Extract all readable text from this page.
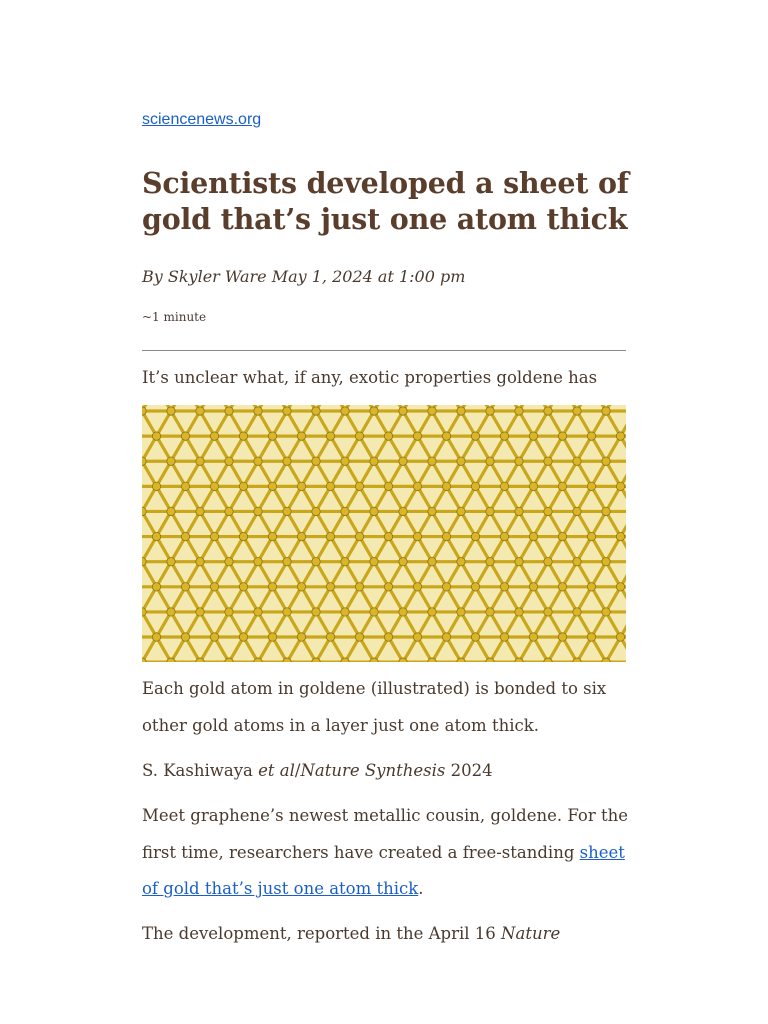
sciencenews.org
Scientists developed a sheet of gold that’s just one atom thick
By Skyler Ware May 1, 2024 at 1:00 pm
~1 minute
It’s unclear what, if any, exotic properties goldene has

Each gold atom in goldene (illustrated) is bonded to six other gold atoms in a layer just one atom thick.

S. Kashiwaya et al/Nature Synthesis 2024

Meet graphene’s newest metallic cousin, goldene. For the first time, researchers have created a free-standing sheet of gold that’s just one atom thick.

The development, reported in the April 16 Nature
